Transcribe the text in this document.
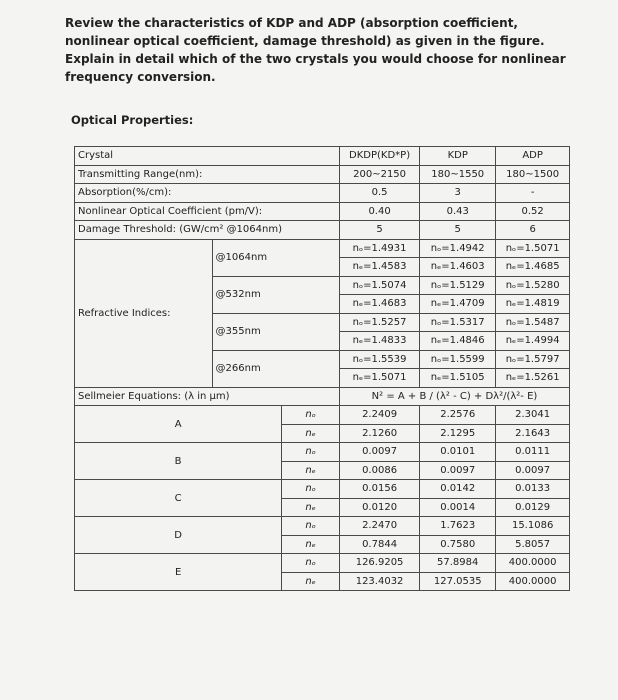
Review the characteristics of KDP and ADP (absorption coefficient, nonlinear optical coefficient, damage threshold) as given in the figure. Explain in detail which of the two crystals you would choose for nonlinear frequency conversion.
Optical Properties:
Crystal			DKDP(KD*P)	KDP	ADP
Transmitting Range(nm):			200~2150	180~1550	180~1500
Absorption(%/cm):			0.5	3	-
Nonlinear Optical Coefficient (pm/V):			0.40	0.43	0.52
Damage Threshold: (GW/cm² @1064nm)			5	5	6
Refractive Indices:	@1064nm		nₒ=1.4931	nₒ=1.4942	nₒ=1.5071
			nₑ=1.4583	nₑ=1.4603	nₑ=1.4685
	@532nm		nₒ=1.5074	nₒ=1.5129	nₒ=1.5280
			nₑ=1.4683	nₑ=1.4709	nₑ=1.4819
	@355nm		nₒ=1.5257	nₒ=1.5317	nₒ=1.5487
			nₑ=1.4833	nₑ=1.4846	nₑ=1.4994
	@266nm		nₒ=1.5539	nₒ=1.5599	nₒ=1.5797
			nₑ=1.5071	nₑ=1.5105	nₑ=1.5261
Sellmeier Equations: (λ in μm)			N² = A + B / (λ² - C) + Dλ²/(λ²- E)		
A		nₒ	2.2409	2.2576	2.3041
		nₑ	2.1260	2.1295	2.1643
B		nₒ	0.0097	0.0101	0.0111
		nₑ	0.0086	0.0097	0.0097
C		nₒ	0.0156	0.0142	0.0133
		nₑ	0.0120	0.0014	0.0129
D		nₒ	2.2470	1.7623	15.1086
		nₑ	0.7844	0.7580	5.8057
E		nₒ	126.9205	57.8984	400.0000
		nₑ	123.4032	127.0535	400.0000
